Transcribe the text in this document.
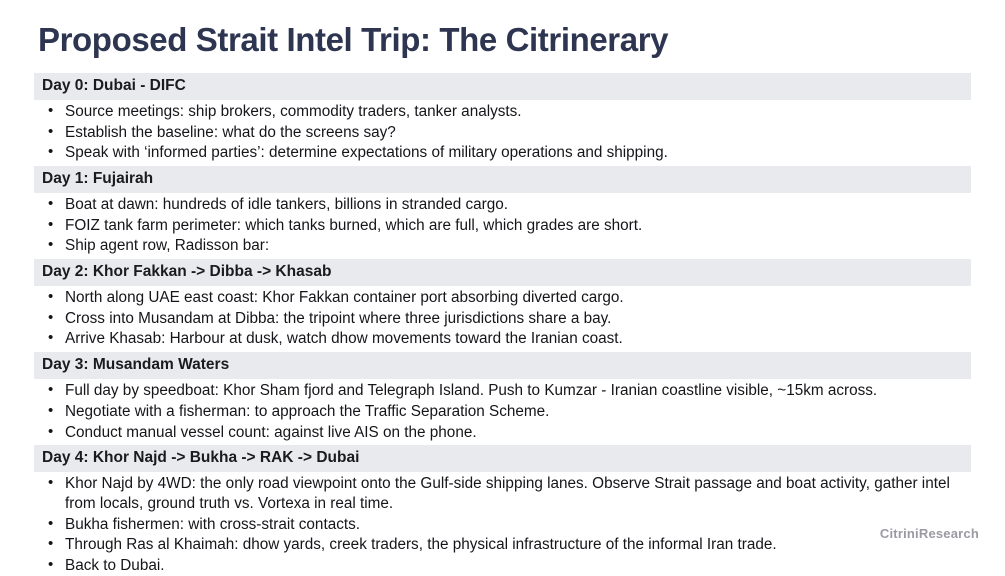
Proposed Strait Intel Trip: The Citrinerary
Day 0: Dubai - DIFC
• Source meetings: ship brokers, commodity traders, tanker analysts.
• Establish the baseline: what do the screens say?
• Speak with ‘informed parties’: determine expectations of military operations and shipping.
Day 1: Fujairah
• Boat at dawn: hundreds of idle tankers, billions in stranded cargo.
• FOIZ tank farm perimeter: which tanks burned, which are full, which grades are short.
• Ship agent row, Radisson bar:
Day 2: Khor Fakkan -> Dibba -> Khasab
• North along UAE east coast: Khor Fakkan container port absorbing diverted cargo.
• Cross into Musandam at Dibba: the tripoint where three jurisdictions share a bay.
• Arrive Khasab: Harbour at dusk, watch dhow movements toward the Iranian coast.
Day 3: Musandam Waters
• Full day by speedboat: Khor Sham fjord and Telegraph Island. Push to Kumzar - Iranian coastline visible, ~15km across.
• Negotiate with a fisherman: to approach the Traffic Separation Scheme.
• Conduct manual vessel count: against live AIS on the phone.
Day 4: Khor Najd -> Bukha -> RAK -> Dubai
• Khor Najd by 4WD: the only road viewpoint onto the Gulf-side shipping lanes. Observe Strait passage and boat activity, gather intel from locals, ground truth vs. Vortexa in real time.
• Bukha fishermen: with cross-strait contacts.
• Through Ras al Khaimah: dhow yards, creek traders, the physical infrastructure of the informal Iran trade.
• Back to Dubai.
CitriniResearch
